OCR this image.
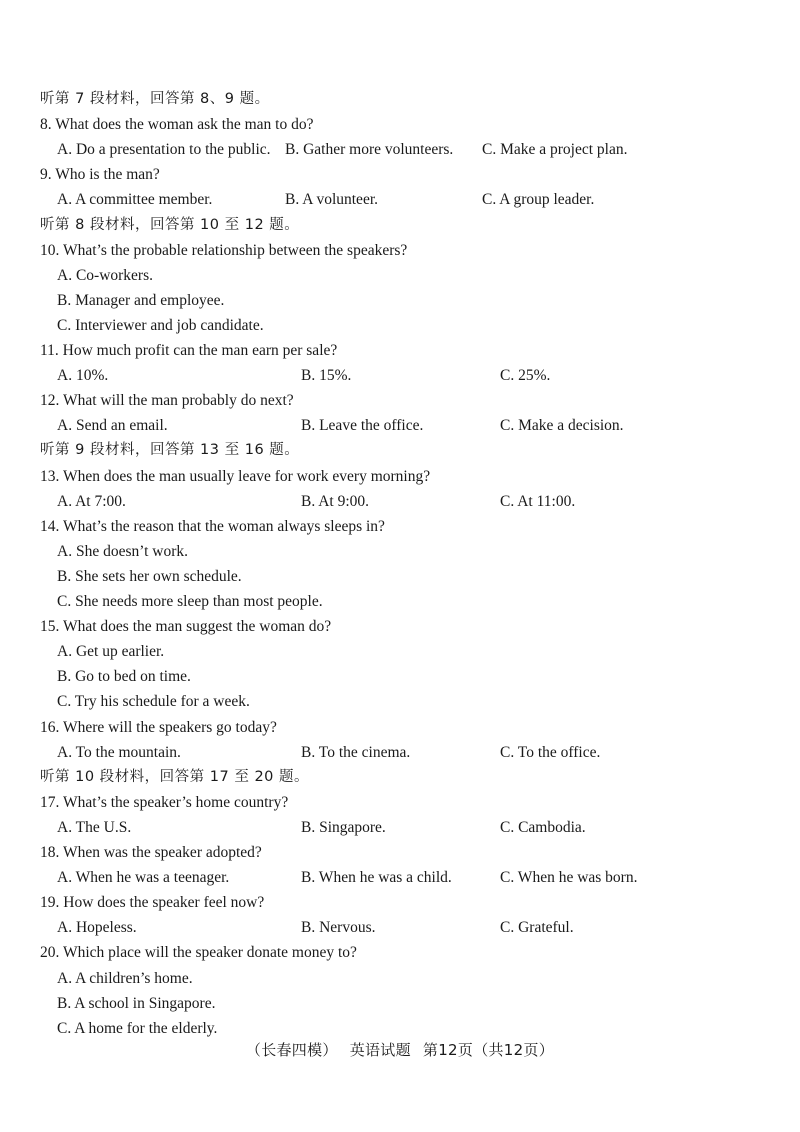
听第 7 段材料，回答第 8、9 题。
8. What does the woman ask the man to do?
A. Do a presentation to the public. B. Gather more volunteers. C. Make a project plan.
9. Who is the man?
A. A committee member.	B. A volunteer.	C. A group leader.
听第 8 段材料，回答第 10 至 12 题。
10. What’s the probable relationship between the speakers?
A. Co-workers.
B. Manager and employee.
C. Interviewer and job candidate.
11. How much profit can the man earn per sale?
A. 10%.	B. 15%.	C. 25%.
12. What will the man probably do next?
A. Send an email.	B. Leave the office.	C. Make a decision.
听第 9 段材料，回答第 13 至 16 题。
13. When does the man usually leave for work every morning?
A. At 7:00.	B. At 9:00.	C. At 11:00.
14. What’s the reason that the woman always sleeps in?
A. She doesn’t work.
B. She sets her own schedule.
C. She needs more sleep than most people.
15. What does the man suggest the woman do?
A. Get up earlier.
B. Go to bed on time.
C. Try his schedule for a week.
16. Where will the speakers go today?
A. To the mountain.	B. To the cinema.	C. To the office.
听第 10 段材料，回答第 17 至 20 题。
17. What’s the speaker’s home country?
A. The U.S.	B. Singapore.	C. Cambodia.
18. When was the speaker adopted?
A. When he was a teenager.	B. When he was a child.	C. When he was born.
19. How does the speaker feel now?
A. Hopeless.	B. Nervous.	C. Grateful.
20. Which place will the speaker donate money to?
A. A children’s home.
B. A school in Singapore.
C. A home for the elderly.
（长春四模） 英语试题 第12页（共12页）
